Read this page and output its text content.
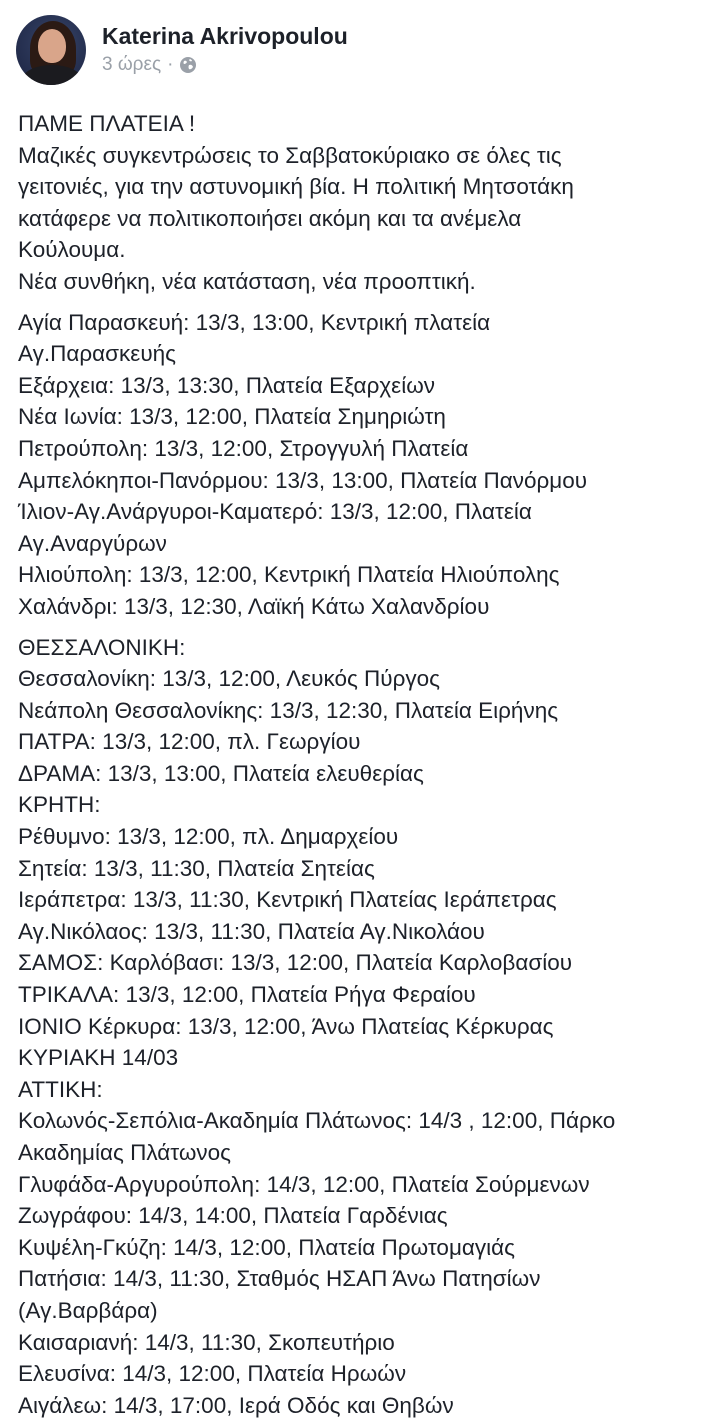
Katerina Akrivopoulou
3 ώρες ·

ΠΑΜΕ ΠΛΑΤΕΙΑ !
Μαζικές συγκεντρώσεις το Σαββατοκύριακο σε όλες τις
γειτονιές, για την αστυνομική βία. Η πολιτική Μητσοτάκη
κατάφερε να πολιτικοποιήσει ακόμη και τα ανέμελα
Κούλουμα.
Νέα συνθήκη, νέα κατάσταση, νέα προοπτική.

Αγία Παρασκευή: 13/3, 13:00, Κεντρική πλατεία
Αγ.Παρασκευής
Εξάρχεια: 13/3, 13:30, Πλατεία Εξαρχείων
Νέα Ιωνία: 13/3, 12:00, Πλατεία Σημηριώτη
Πετρούπολη: 13/3, 12:00, Στρογγυλή Πλατεία
Αμπελόκηποι-Πανόρμου: 13/3, 13:00, Πλατεία Πανόρμου
Ίλιον-Αγ.Ανάργυροι-Καματερό: 13/3, 12:00, Πλατεία
Αγ.Αναργύρων
Ηλιούπολη: 13/3, 12:00, Κεντρική Πλατεία Ηλιούπολης
Χαλάνδρι: 13/3, 12:30, Λαϊκή Κάτω Χαλανδρίου

ΘΕΣΣΑΛΟΝΙΚΗ:
Θεσσαλονίκη: 13/3, 12:00, Λευκός Πύργος
Νεάπολη Θεσσαλονίκης: 13/3, 12:30, Πλατεία Ειρήνης
ΠΑΤΡΑ: 13/3, 12:00, πλ. Γεωργίου
ΔΡΑΜΑ: 13/3, 13:00, Πλατεία ελευθερίας
ΚΡΗΤΗ:
Ρέθυμνο: 13/3, 12:00, πλ. Δημαρχείου
Σητεία: 13/3, 11:30, Πλατεία Σητείας
Ιεράπετρα: 13/3, 11:30, Κεντρική Πλατείας Ιεράπετρας
Αγ.Νικόλαος: 13/3, 11:30, Πλατεία Αγ.Νικολάου
ΣΑΜΟΣ: Καρλόβασι: 13/3, 12:00, Πλατεία Καρλοβασίου
ΤΡΙΚΑΛΑ: 13/3, 12:00, Πλατεία Ρήγα Φεραίου
ΙΟΝΙΟ Κέρκυρα: 13/3, 12:00, Άνω Πλατείας Κέρκυρας
ΚΥΡΙΑΚΗ 14/03
ΑΤΤΙΚΗ:
Κολωνός-Σεπόλια-Ακαδημία Πλάτωνος: 14/3 , 12:00, Πάρκο
Ακαδημίας Πλάτωνος
Γλυφάδα-Αργυρούπολη: 14/3, 12:00, Πλατεία Σούρμενων
Ζωγράφου: 14/3, 14:00, Πλατεία Γαρδένιας
Κυψέλη-Γκύζη: 14/3, 12:00, Πλατεία Πρωτομαγιάς
Πατήσια: 14/3, 11:30, Σταθμός ΗΣΑΠ Άνω Πατησίων
(Αγ.Βαρβάρα)
Καισαριανή: 14/3, 11:30, Σκοπευτήριο
Ελευσίνα: 14/3, 12:00, Πλατεία Ηρωών
Αιγάλεω: 14/3, 17:00, Ιερά Οδός και Θηβών
